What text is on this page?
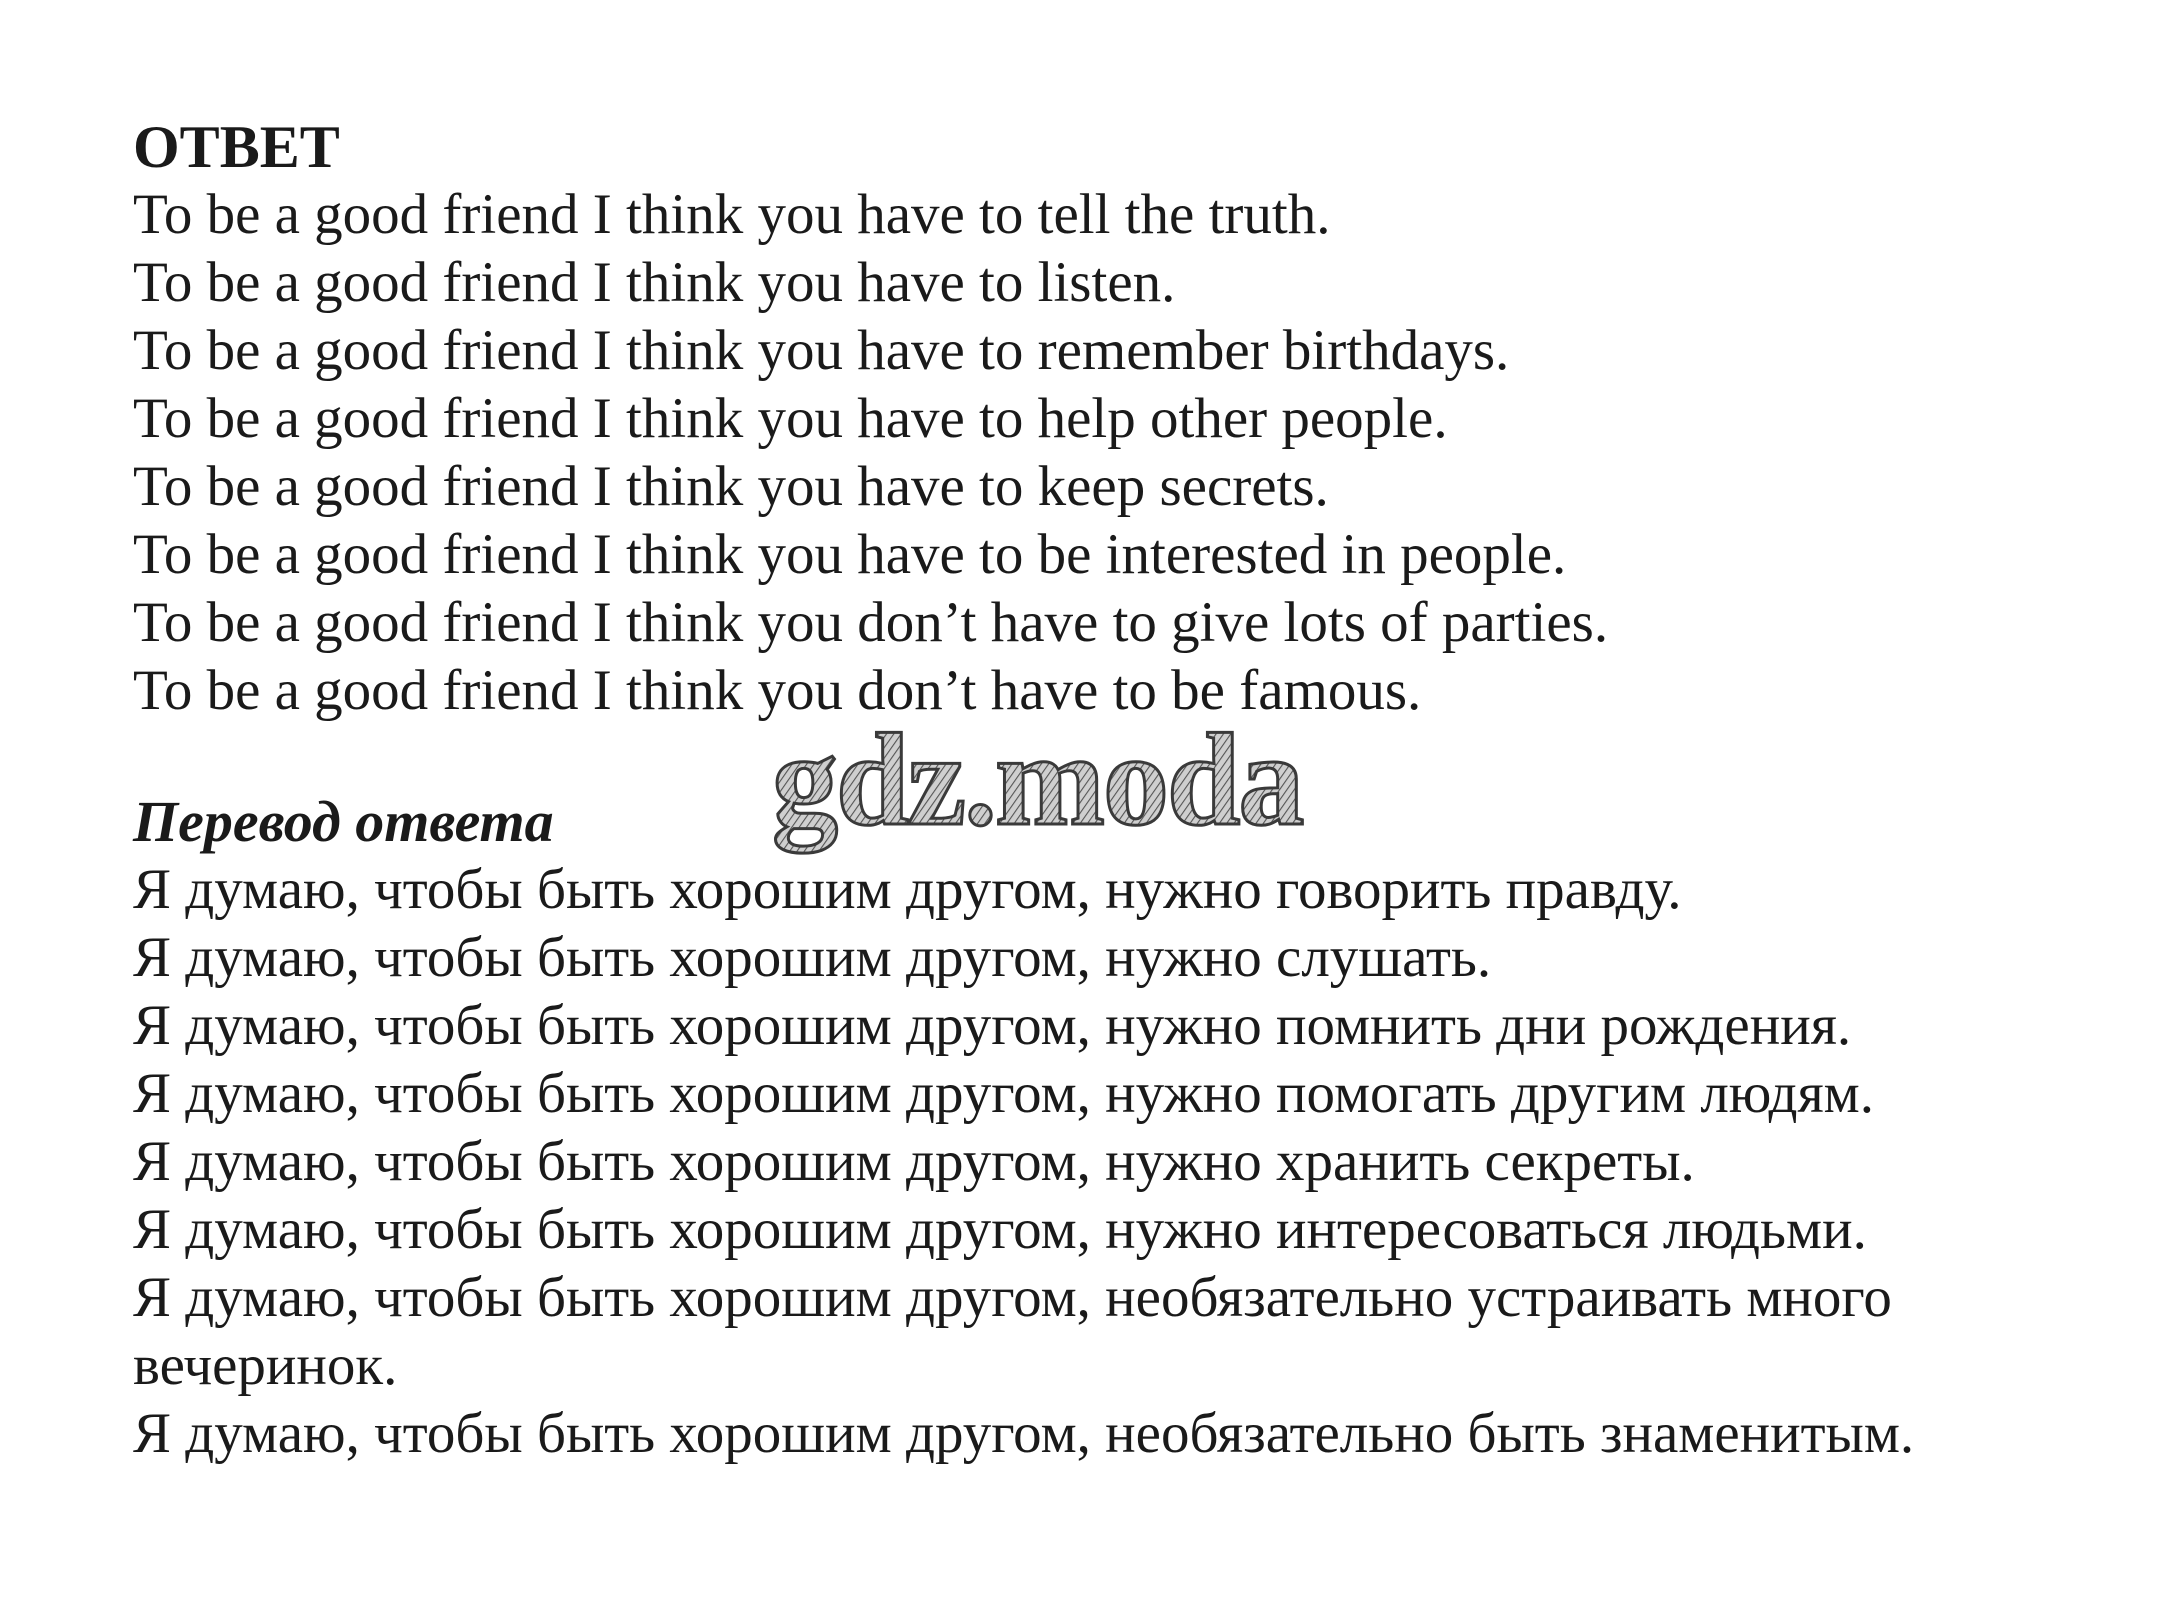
ОТВЕТ
To be a good friend I think you have to tell the truth.
To be a good friend I think you have to listen.
To be a good friend I think you have to remember birthdays.
To be a good friend I think you have to help other people.
To be a good friend I think you have to keep secrets.
To be a good friend I think you have to be interested in people.
To be a good friend I think you don’t have to give lots of parties.
To be a good friend I think you don’t have to be famous.
gdz.moda
Перевод ответа
Я думаю, чтобы быть хорошим другом, нужно говорить правду.
Я думаю, чтобы быть хорошим другом, нужно слушать.
Я думаю, чтобы быть хорошим другом, нужно помнить дни рождения.
Я думаю, чтобы быть хорошим другом, нужно помогать другим людям.
Я думаю, чтобы быть хорошим другом, нужно хранить секреты.
Я думаю, чтобы быть хорошим другом, нужно интересоваться людьми.
Я думаю, чтобы быть хорошим другом, необязательно устраивать много вечеринок.
Я думаю, чтобы быть хорошим другом, необязательно быть знаменитым.
